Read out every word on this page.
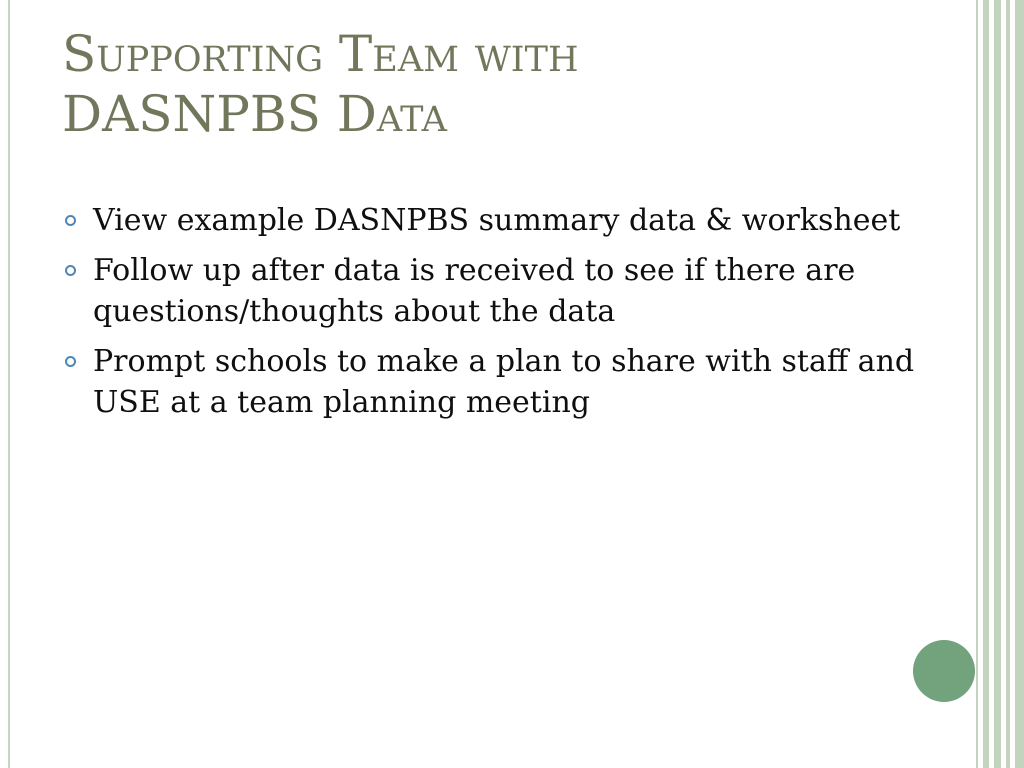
Supporting Team with
DASNPBS Data
View example DASNPBS summary data & worksheet
Follow up after data is received to see if there are questions/thoughts about the data
Prompt schools to make a plan to share with staff and USE at a team planning meeting
